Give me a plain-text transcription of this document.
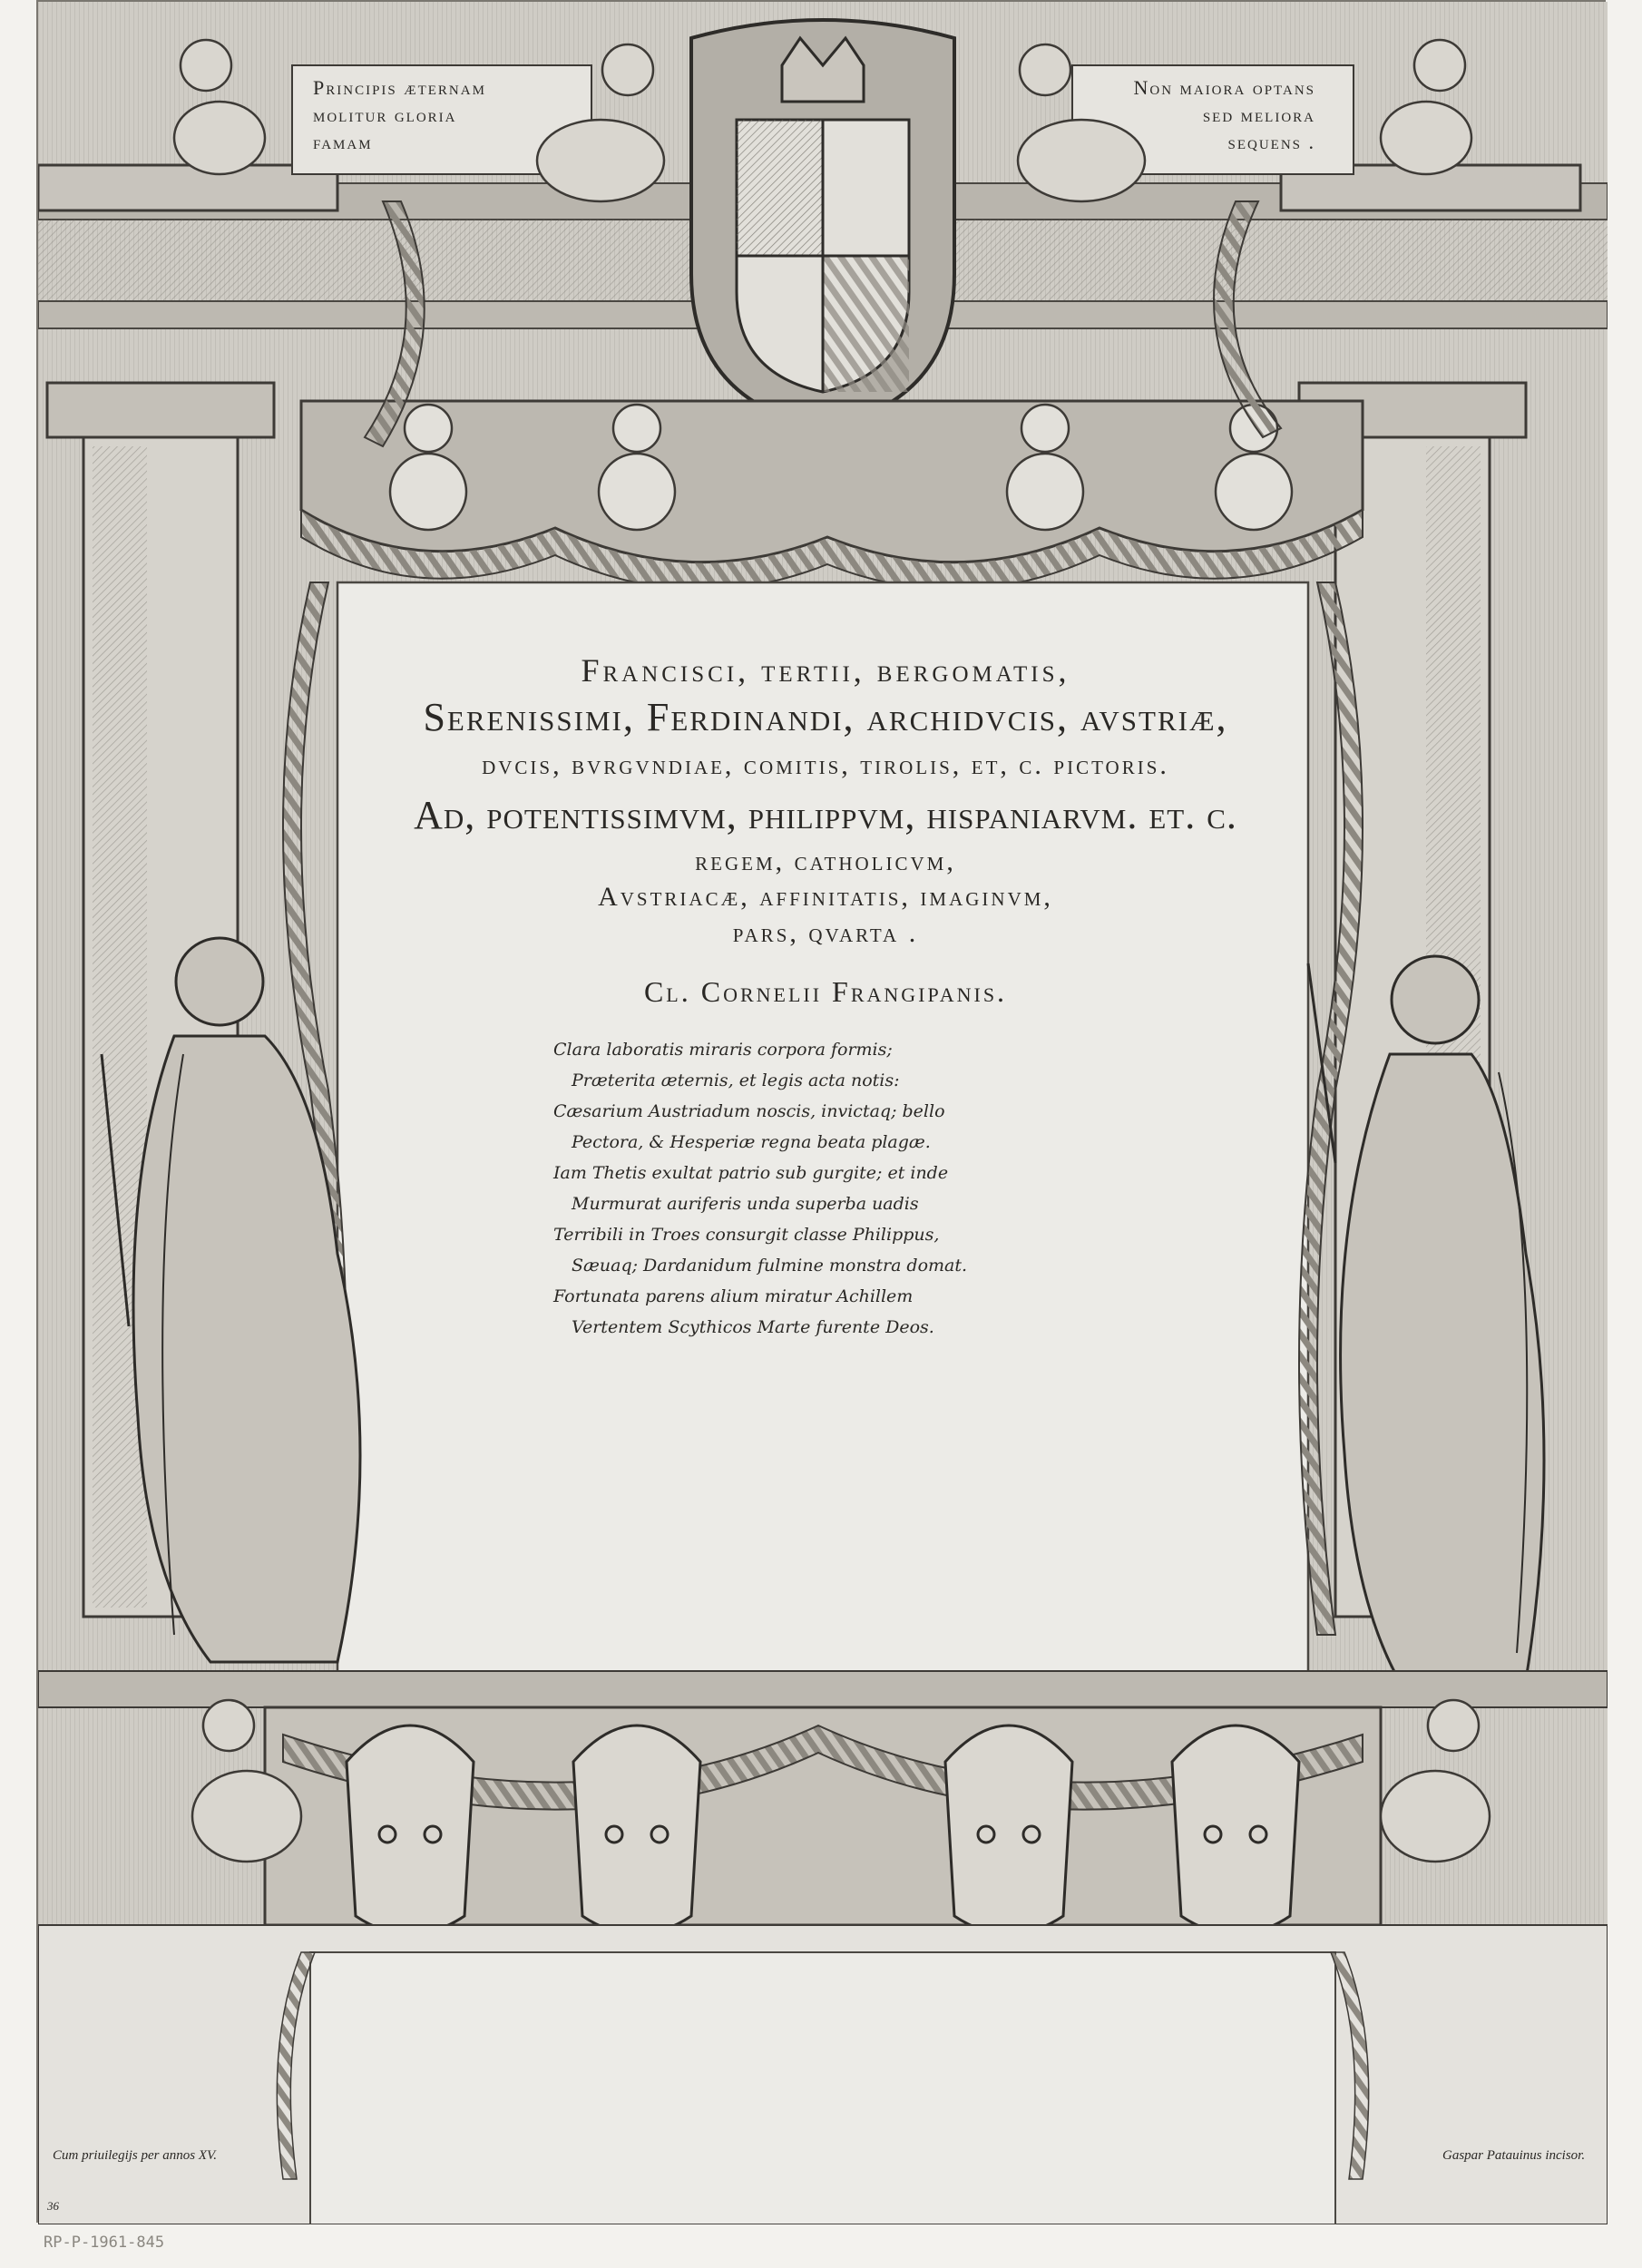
Principis æternam
molitur gloria
famam
Non maiora optans
sed meliora
sequens .
Francisci, tertii, bergomatis,
Serenissimi, Ferdinandi, archidvcis, avstriæ,
dvcis, bvrgvndiae, comitis, tirolis, et, c. pictoris.
Ad, potentissimvm, philippvm, hispaniarvm. et. c.
regem, catholicvm,
Avstriacæ, affinitatis, imaginvm,
pars, qvarta .
Cl. Cornelii Frangipanis.
Clara laboratis miraris corpora formis;
Præterita æternis, et legis acta notis:
Cæsarium Austriadum noscis, invictaq; bello
Pectora, & Hesperiæ regna beata plagæ.
Iam Thetis exultat patrio sub gurgite; et inde
Murmurat auriferis unda superba uadis
Terribili in Troes consurgit classe Philippus,
Sæuaq; Dardanidum fulmine monstra domat.
Fortunata parens alium miratur Achillem
Vertentem Scythicos Marte furente Deos.
Cum priuilegijs per annos XV.	Gaspar Patauinus incisor.
36
RP-P-1961-845
